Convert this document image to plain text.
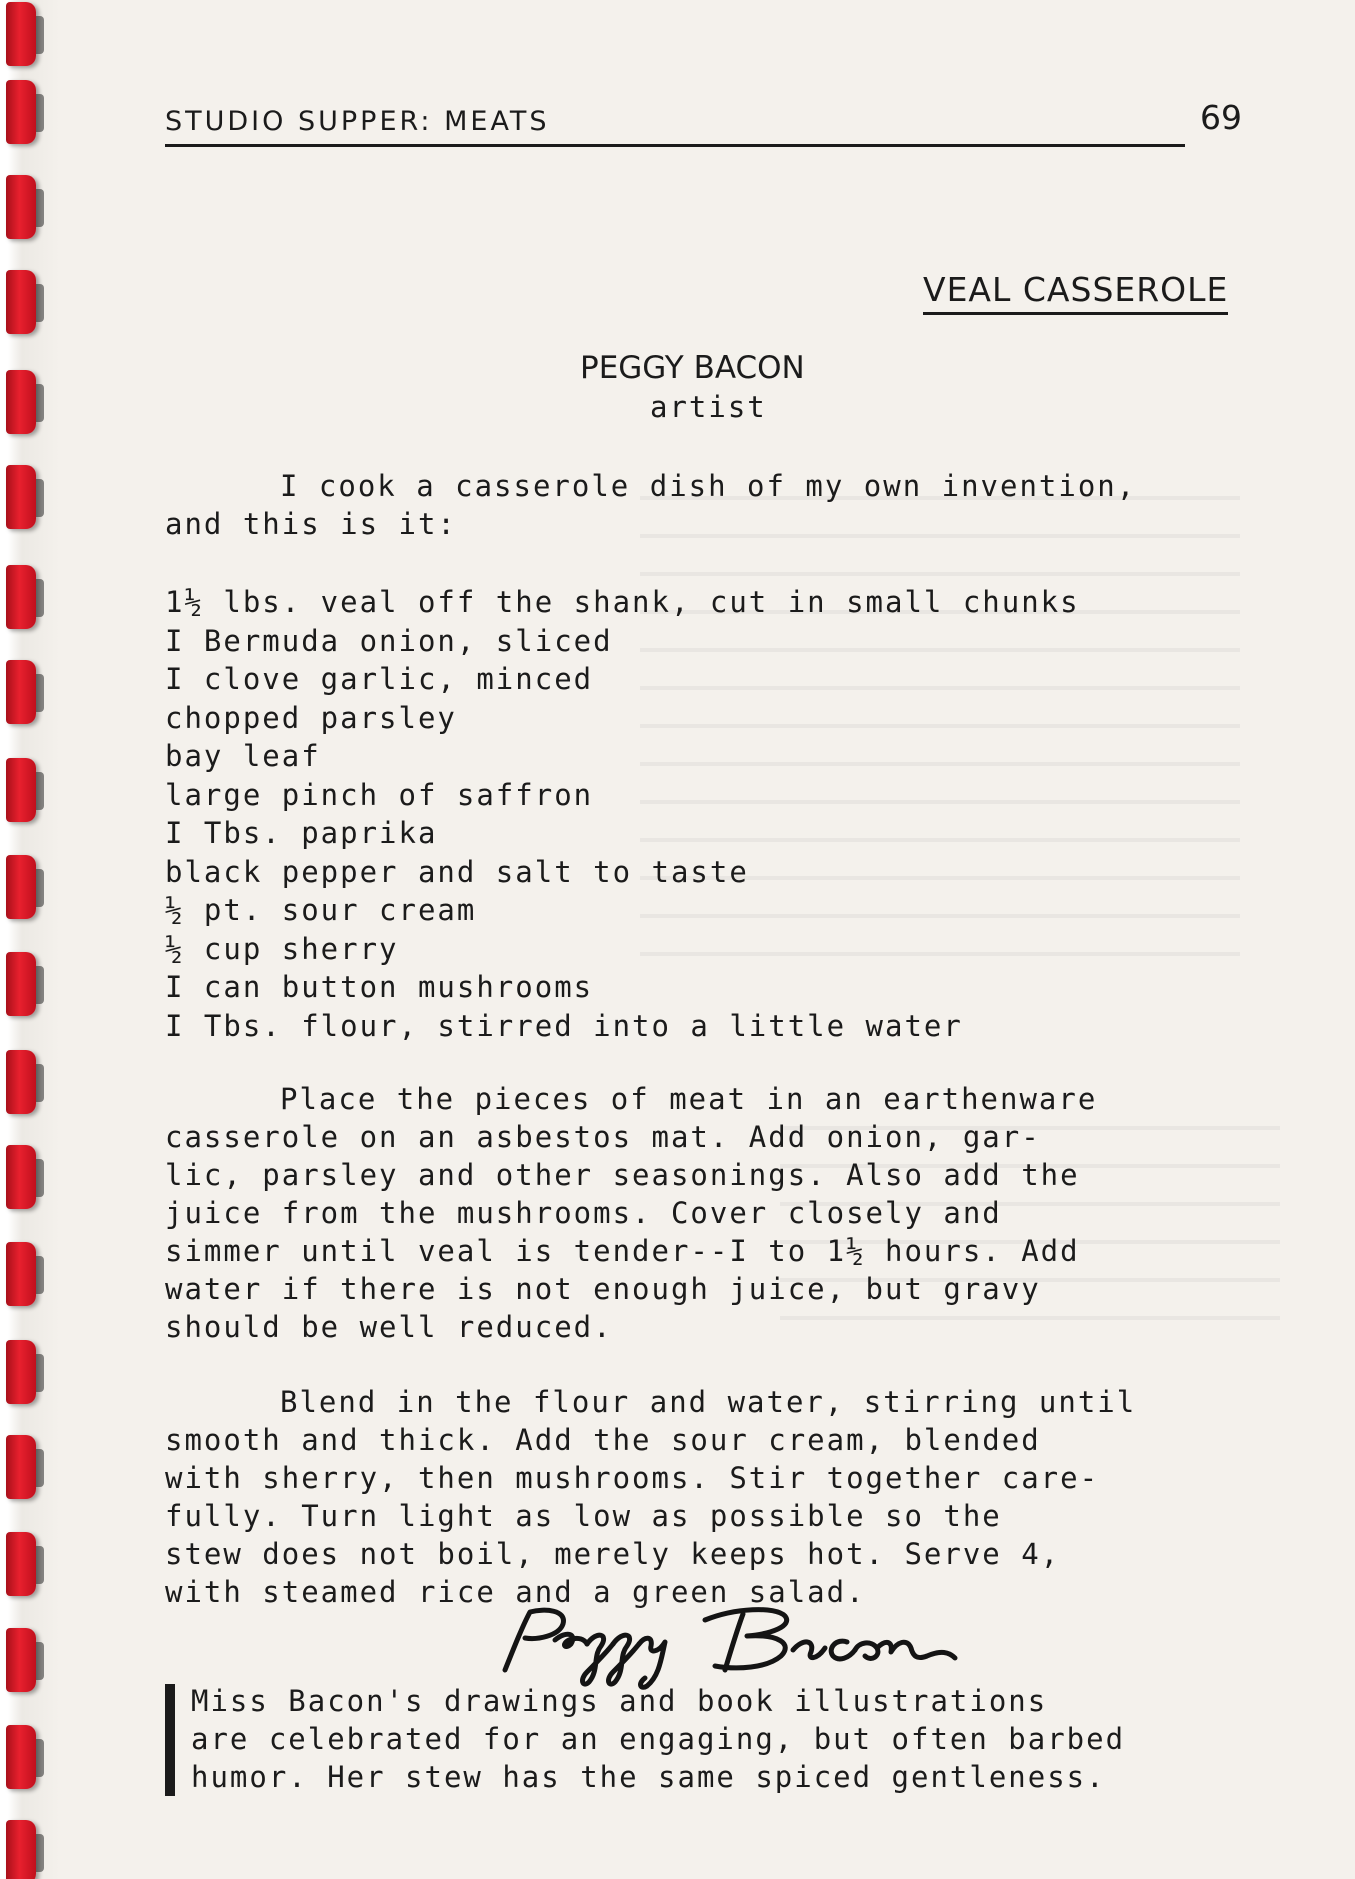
STUDIO SUPPER: MEATS	69
VEAL CASSEROLE
PEGGY BACON
artist
I cook a casserole dish of my own invention,
and this is it:
1½ lbs. veal off the shank, cut in small chunks
I Bermuda onion, sliced
I clove garlic, minced
chopped parsley
bay leaf
large pinch of saffron
I Tbs. paprika
black pepper and salt to taste
½ pt. sour cream
½ cup sherry
I can button mushrooms
I Tbs. flour, stirred into a little water
Place the pieces of meat in an earthenware
casserole on an asbestos mat. Add onion, gar-
lic, parsley and other seasonings. Also add the
juice from the mushrooms. Cover closely and
simmer until veal is tender--I to 1½ hours. Add
water if there is not enough juice, but gravy
should be well reduced.
Blend in the flour and water, stirring until
smooth and thick. Add the sour cream, blended
with sherry, then mushrooms. Stir together care-
fully. Turn light as low as possible so the
stew does not boil, merely keeps hot. Serve 4,
with steamed rice and a green salad.
Miss Bacon's drawings and book illustrations
are celebrated for an engaging, but often barbed
humor. Her stew has the same spiced gentleness.
